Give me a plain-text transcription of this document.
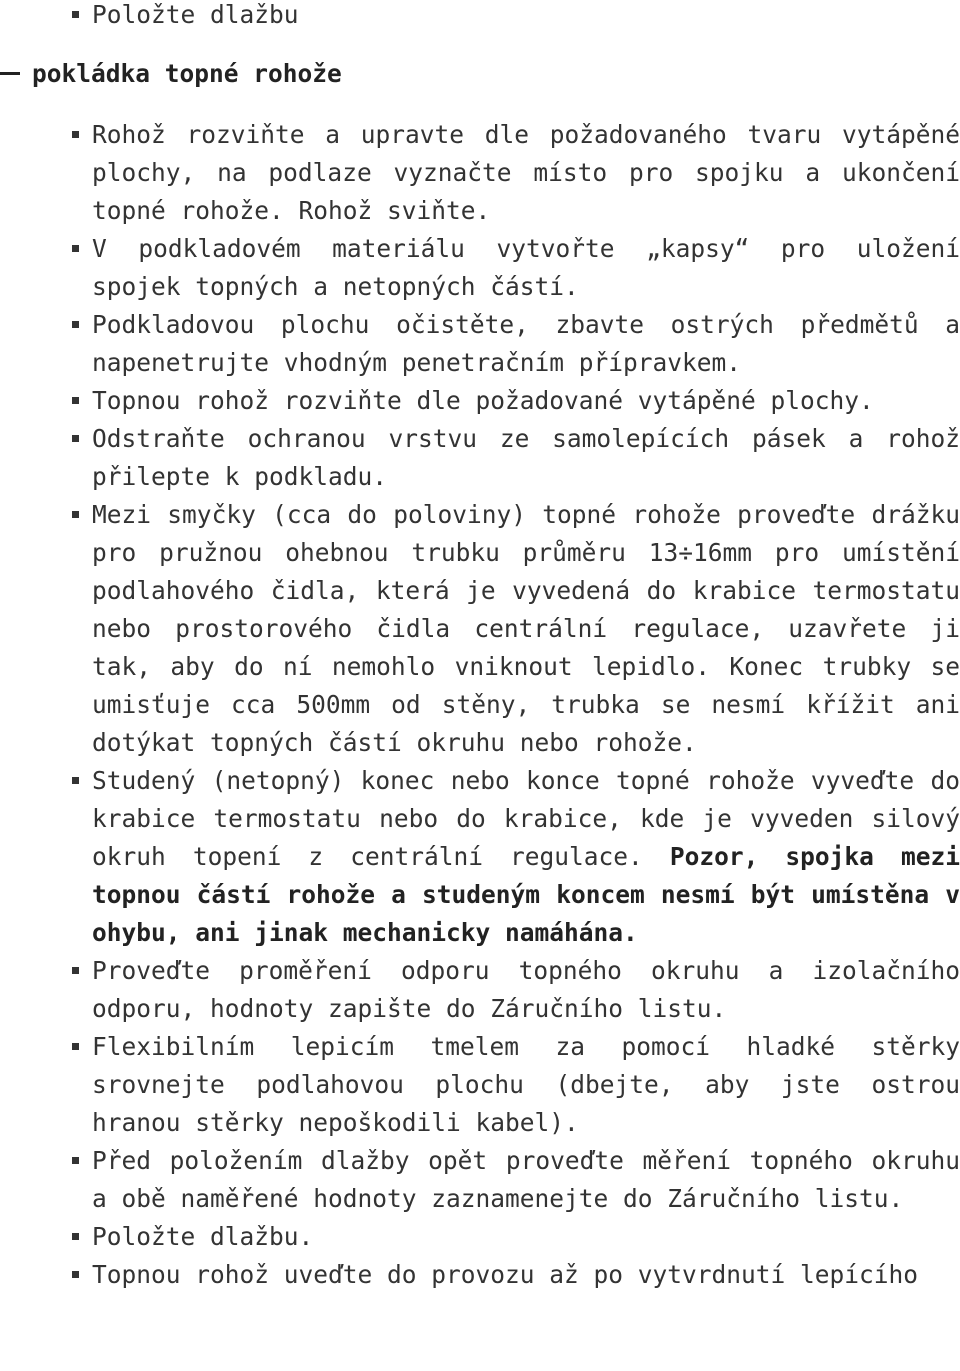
Položte dlažbu
pokládka topné rohože
Rohož rozviňte a upravte dle požadovaného tvaru vytápěné plochy, na podlaze vyznačte místo pro spojku a ukončení topné rohože. Rohož sviňte.
V podkladovém materiálu vytvořte „kapsy“ pro uložení spojek topných a netopných částí.
Podkladovou plochu očistěte, zbavte ostrých předmětů a napenetrujte vhodným penetračním přípravkem.
Topnou rohož rozviňte dle požadované vytápěné plochy.
Odstraňte ochranou vrstvu ze samolepících pásek a rohož přilepte k podkladu.
Mezi smyčky (cca do poloviny) topné rohože proveďte drážku pro pružnou ohebnou trubku průměru 13÷16mm pro umístění podlahového čidla, která je vyvedená do krabice termostatu nebo prostorového čidla centrální regulace, uzavřete ji tak, aby do ní nemohlo vniknout lepidlo. Konec trubky se umisťuje cca 500mm od stěny, trubka se nesmí křížit ani dotýkat topných částí okruhu nebo rohože.
Studený (netopný) konec nebo konce topné rohože vyveďte do krabice termostatu nebo do krabice, kde je vyveden silový okruh topení z centrální regulace. Pozor, spojka mezi topnou částí rohože a studeným koncem nesmí být umístěna v ohybu, ani jinak mechanicky namáhána.
Proveďte proměření odporu topného okruhu a izolačního odporu, hodnoty zapište do Záručního listu.
Flexibilním lepicím tmelem za pomocí hladké stěrky srovnejte podlahovou plochu (dbejte, aby jste ostrou hranou stěrky nepoškodili kabel).
Před položením dlažby opět proveďte měření topného okruhu a obě naměřené hodnoty zaznamenejte do Záručního listu.
Položte dlažbu.
Topnou rohož uveďte do provozu až po vytvrdnutí lepícího
